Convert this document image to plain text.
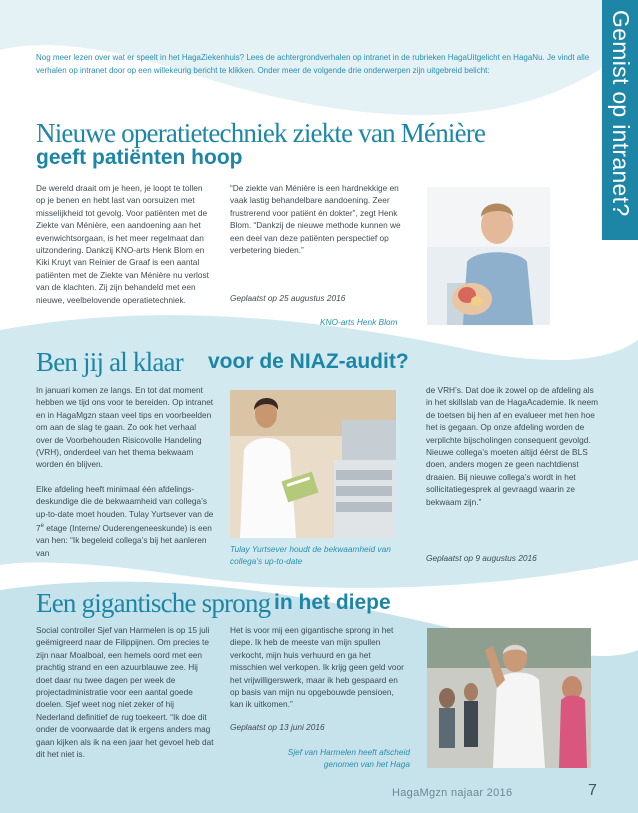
Gemist op intranet?
Nog meer lezen over wat er speelt in het HagaZiekenhuis? Lees de achtergrondverhalen op intranet in de rubrieken HagaUitgelicht en HagaNu. Je vindt alle verhalen op intranet door op een willekeurig bericht te klikken. Onder meer de volgende drie onderwerpen zijn uitgebreid belicht:
Nieuwe operatietechniek ziekte van Ménière
geeft patiënten hoop
De wereld draait om je heen, je loopt te tollen op je benen en hebt last van oorsuizen met misselijkheid tot gevolg. Voor patiënten met de Ziekte van Ménière, een aandoening aan het evenwichtsorgaan, is het meer regelmaat dan uitzondering. Dankzij KNO-arts Henk Blom en Kiki Kruyt van Reinier de Graaf is een aantal patiënten met de Ziekte van Ménière nu verlost van de klachten. Zij zijn behandeld met een nieuwe, veelbelovende operatietechniek.
“De ziekte van Ménière is een hardnekkige en vaak lastig behandelbare aandoening. Zeer frustrerend voor patiënt én dokter”, zegt Henk Blom. “Dankzij de nieuwe methode kunnen we een deel van deze patiënten perspectief op verbetering bieden.”
Geplaatst op 25 augustus 2016
KNO-arts Henk Blom
Ben jij al klaar voor de NIAZ-audit?

In januari komen ze langs. En tot dat moment hebben we tijd ons voor te bereiden. Op intranet en in HagaMgzn staan veel tips en voorbeelden om aan de slag te gaan. Zo ook het verhaal over de Voorbehouden Risicovolle Handeling (VRH), onderdeel van het thema bekwaam worden én blijven.

Elke afdeling heeft minimaal één afdelingsdeskundige die de bekwaamheid van collega’s up-to-date moet houden. Tulay Yurtsever van de 7e etage (Interne/ Ouderengeneeskunde) is een van hen: “Ik begeleid collega’s bij het aanleren van	Tulay Yurtsever houdt de bekwaamheid van collega’s up-to-date
de VRH’s. Dat doe ik zowel op de afdeling als in het skillslab van de HagaAcademie. Ik neem de toetsen bij hen af en evalueer met hen hoe het is gegaan. Op onze afdeling worden de verplichte bijscholingen consequent gevolgd. Nieuwe collega’s moeten altijd éérst de BLS doen, anders mogen ze geen nachtdienst draaien. Bij nieuwe collega’s wordt in het sollicitatiegesprek al gevraagd waarin ze bekwaam zijn.”
Geplaatst op 9 augustus 2016
Een gigantische sprong in het diepe
Social controller Sjef van Harmelen is op 15 juli geëmigreerd naar de Filippijnen. Om precies te zijn naar Moalboal, een hemels oord met een prachtig strand en een azuurblauwe zee. Hij doet daar nu twee dagen per week de projectadministratie voor een aantal goede doelen. Sjef weet nog niet zeker of hij Nederland definitief de rug toekeert. “Ik doe dit onder de voorwaarde dat ik ergens anders mag gaan kijken als ik na een jaar het gevoel heb dat dit het niet is.
Het is voor mij een gigantische sprong in het diepe. Ik heb de meeste van mijn spullen verkocht, mijn huis verhuurd en ga het misschien wel verkopen. Ik krijg geen geld voor het vrijwilligerswerk, maar ik heb gespaard en op basis van mijn nu opgebouwde pensioen, kan ik uitkomen.”
Geplaatst op 13 juni 2016
Sjef van Harmelen heeft afscheid genomen van het Haga
HagaMgzn najaar 2016	7
